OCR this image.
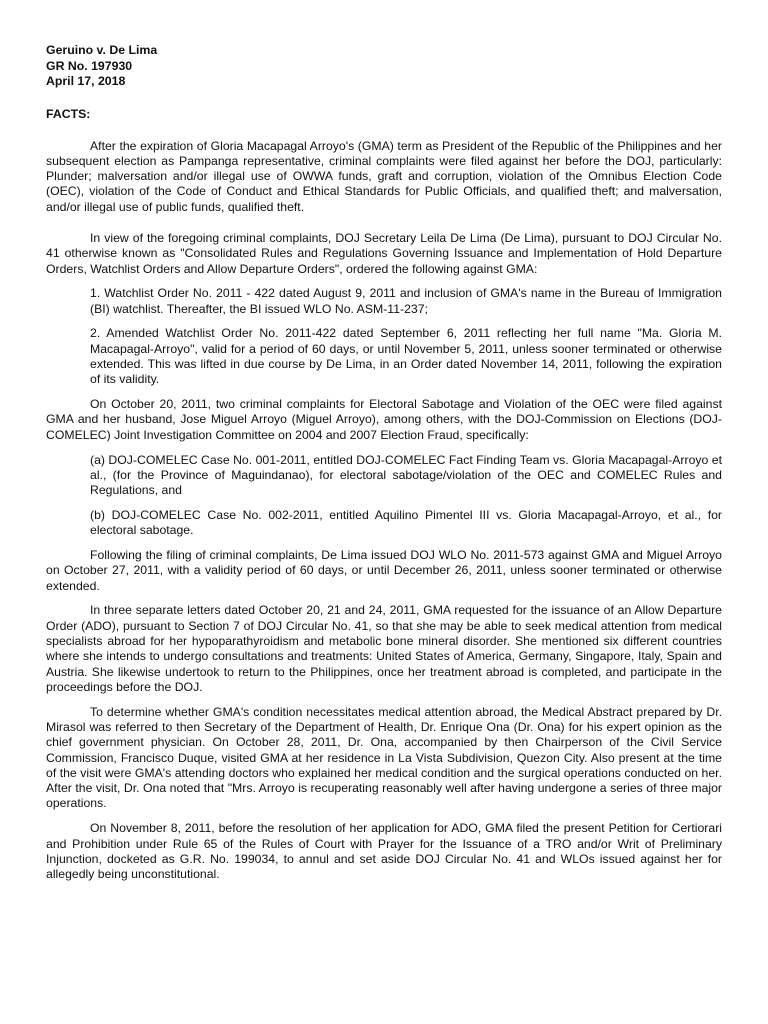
Geruino v. De Lima
GR No. 197930
April 17, 2018
FACTS:

After the expiration of Gloria Macapagal Arroyo's (GMA) term as President of the Republic of the Philippines and her subsequent election as Pampanga representative, criminal complaints were filed against her before the DOJ, particularly: Plunder; malversation and/or illegal use of OWWA funds, graft and corruption, violation of the Omnibus Election Code (OEC), violation of the Code of Conduct and Ethical Standards for Public Officials, and qualified theft; and malversation, and/or illegal use of public funds, qualified theft.

In view of the foregoing criminal complaints, DOJ Secretary Leila De Lima (De Lima), pursuant to DOJ Circular No. 41 otherwise known as "Consolidated Rules and Regulations Governing Issuance and Implementation of Hold Departure Orders, Watchlist Orders and Allow Departure Orders", ordered the following against GMA:

1. Watchlist Order No. 2011 - 422 dated August 9, 2011 and inclusion of GMA's name in the Bureau of Immigration (BI) watchlist. Thereafter, the BI issued WLO No. ASM-11-237;

2. Amended Watchlist Order No. 2011-422 dated September 6, 2011 reflecting her full name "Ma. Gloria M. Macapagal-Arroyo", valid for a period of 60 days, or until November 5, 2011, unless sooner terminated or otherwise extended. This was lifted in due course by De Lima, in an Order dated November 14, 2011, following the expiration of its validity.

On October 20, 2011, two criminal complaints for Electoral Sabotage and Violation of the OEC were filed against GMA and her husband, Jose Miguel Arroyo (Miguel Arroyo), among others, with the DOJ-Commission on Elections (DOJ-COMELEC) Joint Investigation Committee on 2004 and 2007 Election Fraud, specifically:

(a) DOJ-COMELEC Case No. 001-2011, entitled DOJ-COMELEC Fact Finding Team vs. Gloria Macapagal-Arroyo et al., (for the Province of Maguindanao), for electoral sabotage/violation of the OEC and COMELEC Rules and Regulations, and

(b) DOJ-COMELEC Case No. 002-2011, entitled Aquilino Pimentel III vs. Gloria Macapagal-Arroyo, et al., for electoral sabotage.

Following the filing of criminal complaints, De Lima issued DOJ WLO No. 2011-573 against GMA and Miguel Arroyo on October 27, 2011, with a validity period of 60 days, or until December 26, 2011, unless sooner terminated or otherwise extended.

In three separate letters dated October 20, 21 and 24, 2011, GMA requested for the issuance of an Allow Departure Order (ADO), pursuant to Section 7 of DOJ Circular No. 41, so that she may be able to seek medical attention from medical specialists abroad for her hypoparathyroidism and metabolic bone mineral disorder. She mentioned six different countries where she intends to undergo consultations and treatments: United States of America, Germany, Singapore, Italy, Spain and Austria. She likewise undertook to return to the Philippines, once her treatment abroad is completed, and participate in the proceedings before the DOJ.

To determine whether GMA's condition necessitates medical attention abroad, the Medical Abstract prepared by Dr. Mirasol was referred to then Secretary of the Department of Health, Dr. Enrique Ona (Dr. Ona) for his expert opinion as the chief government physician. On October 28, 2011, Dr. Ona, accompanied by then Chairperson of the Civil Service Commission, Francisco Duque, visited GMA at her residence in La Vista Subdivision, Quezon City. Also present at the time of the visit were GMA's attending doctors who explained her medical condition and the surgical operations conducted on her. After the visit, Dr. Ona noted that "Mrs. Arroyo is recuperating reasonably well after having undergone a series of three major operations.

On November 8, 2011, before the resolution of her application for ADO, GMA filed the present Petition for Certiorari and Prohibition under Rule 65 of the Rules of Court with Prayer for the Issuance of a TRO and/or Writ of Preliminary Injunction, docketed as G.R. No. 199034, to annul and set aside DOJ Circular No. 41 and WLOs issued against her for allegedly being unconstitutional.
